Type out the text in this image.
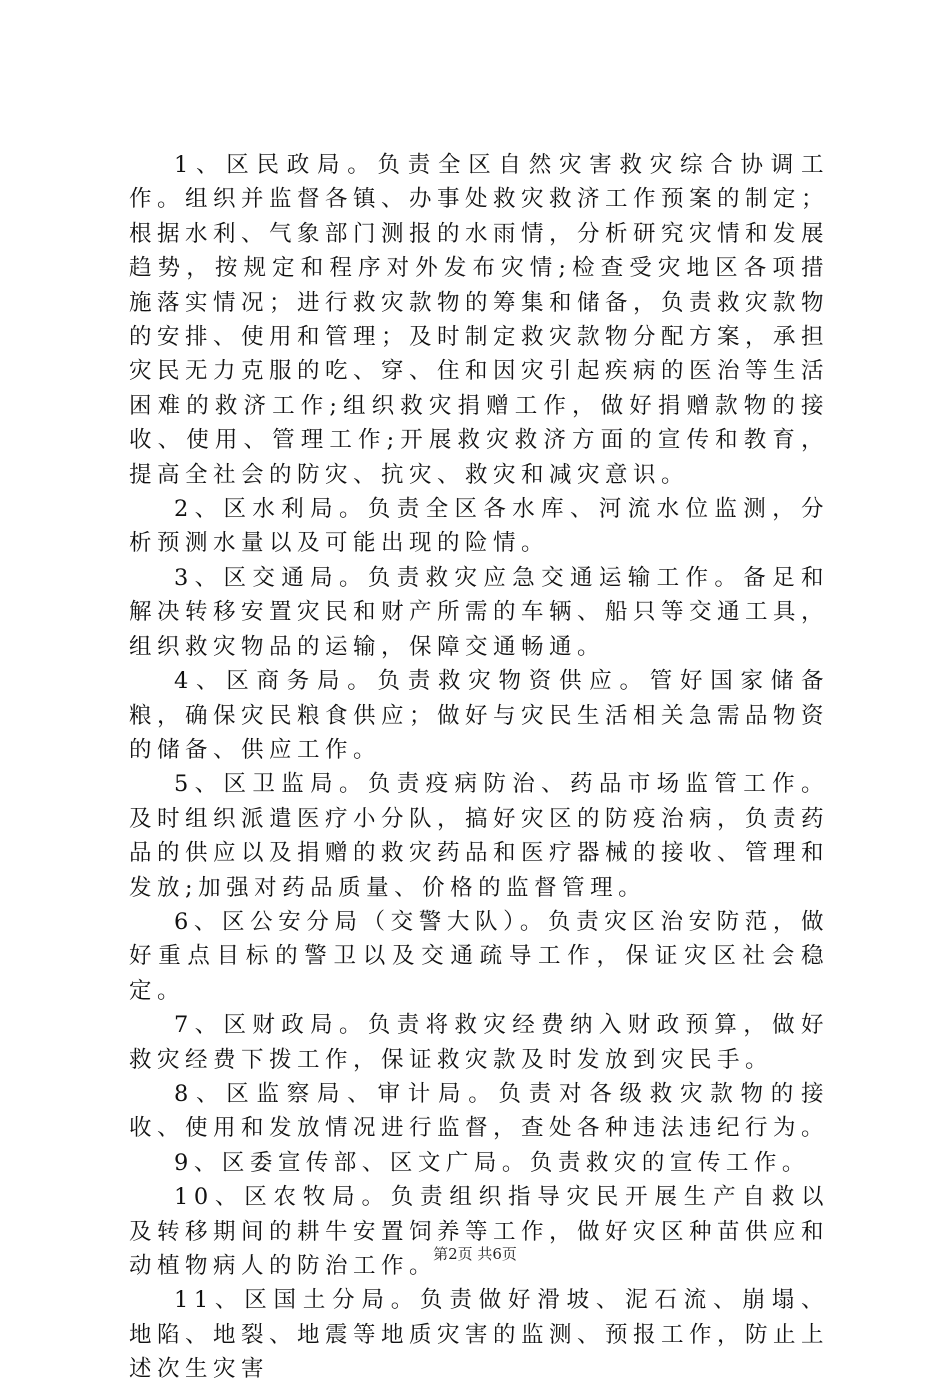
1、区民政局。负责全区自然灾害救灾综合协调工作。组织并监督各镇、办事处救灾救济工作预案的制定；根据水利、气象部门测报的水雨情，分析研究灾情和发展趋势，按规定和程序对外发布灾情;检查受灾地区各项措施落实情况；进行救灾款物的筹集和储备，负责救灾款物的安排、使用和管理；及时制定救灾款物分配方案，承担灾民无力克服的吃、穿、住和因灾引起疾病的医治等生活困难的救济工作;组织救灾捐赠工作，做好捐赠款物的接收、使用、管理工作;开展救灾救济方面的宣传和教育，提高全社会的防灾、抗灾、救灾和减灾意识。

2、区水利局。负责全区各水库、河流水位监测，分析预测水量以及可能出现的险情。

3、区交通局。负责救灾应急交通运输工作。备足和解决转移安置灾民和财产所需的车辆、船只等交通工具，组织救灾物品的运输，保障交通畅通。

4、区商务局。负责救灾物资供应。管好国家储备粮，确保灾民粮食供应；做好与灾民生活相关急需品物资的储备、供应工作。

5、区卫监局。负责疫病防治、药品市场监管工作。及时组织派遣医疗小分队，搞好灾区的防疫治病，负责药品的供应以及捐赠的救灾药品和医疗器械的接收、管理和发放;加强对药品质量、价格的监督管理。

6、区公安分局（交警大队）。负责灾区治安防范，做好重点目标的警卫以及交通疏导工作，保证灾区社会稳定。

7、区财政局。负责将救灾经费纳入财政预算，做好救灾经费下拨工作，保证救灾款及时发放到灾民手。

8、区监察局、审计局。负责对各级救灾款物的接收、使用和发放情况进行监督，查处各种违法违纪行为。

9、区委宣传部、区文广局。负责救灾的宣传工作。

10、区农牧局。负责组织指导灾民开展生产自救以及转移期间的耕牛安置饲养等工作，做好灾区种苗供应和动植物病人的防治工作。

11、区国土分局。负责做好滑坡、泥石流、崩塌、地陷、地裂、地震等地质灾害的监测、预报工作，防止上述次生灾害

第2页 共6页
